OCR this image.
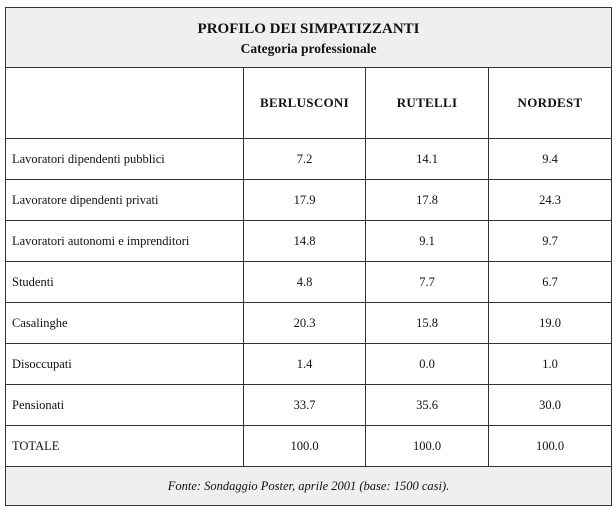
PROFILO DEI SIMPATIZZANTI
Categoria professionale			

	BERLUSCONI	RUTELLI	NORDEST
Lavoratori dipendenti pubblici	7.2	14.1	9.4
Lavoratore dipendenti privati	17.9	17.8	24.3
Lavoratori autonomi e imprenditori	14.8	9.1	9.7
Studenti	4.8	7.7	6.7
Casalinghe	20.3	15.8	19.0
Disoccupati	1.4	0.0	1.0
Pensionati	33.7	35.6	30.0
TOTALE	100.0	100.0	100.0
Fonte: Sondaggio Poster, aprile 2001 (base: 1500 casi).			
